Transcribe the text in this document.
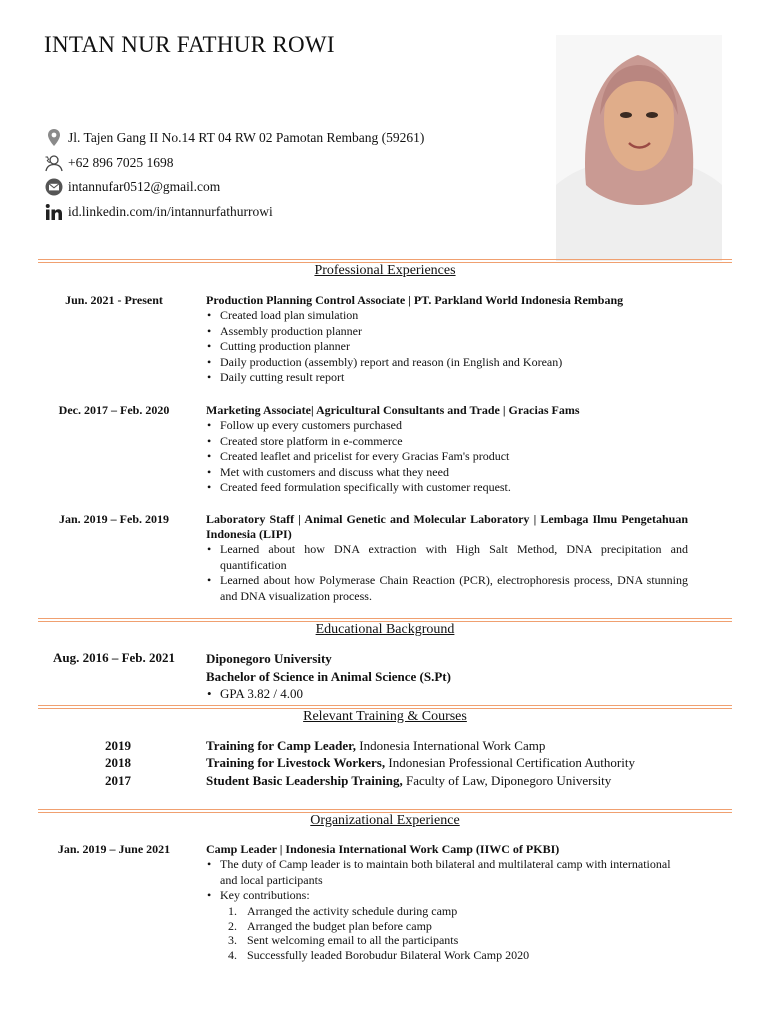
INTAN NUR FATHUR ROWI
Jl. Tajen Gang II No.14 RT 04 RW 02 Pamotan Rembang (59261)
+62 896 7025 1698
intannufar0512@gmail.com
id.linkedin.com/in/intannurfathurrowi
Professional Experiences
Jun. 2021 - Present	Production Planning Control Associate | PT. Parkland World Indonesia Rembang
• Created load plan simulation
• Assembly production planner
• Cutting production planner
• Daily production (assembly) report and reason (in English and Korean)
• Daily cutting result report
Dec. 2017 – Feb. 2020	Marketing Associate| Agricultural Consultants and Trade | Gracias Fams
• Follow up every customers purchased
• Created store platform in e-commerce
• Created leaflet and pricelist for every Gracias Fam's product
• Met with customers and discuss what they need
• Created feed formulation specifically with customer request.
Jan. 2019 – Feb. 2019	Laboratory Staff | Animal Genetic and Molecular Laboratory | Lembaga Ilmu Pengetahuan Indonesia (LIPI)
• Learned about how DNA extraction with High Salt Method, DNA precipitation and quantification
• Learned about how Polymerase Chain Reaction (PCR), electrophoresis process, DNA stunning and DNA visualization process.
Educational Background
Aug. 2016 – Feb. 2021	Diponegoro University
Bachelor of Science in Animal Science (S.Pt)
• GPA 3.82 / 4.00
Relevant Training & Courses
2019	Training for Camp Leader, Indonesia International Work Camp
2018	Training for Livestock Workers, Indonesian Professional Certification Authority
2017	Student Basic Leadership Training, Faculty of Law, Diponegoro University
Organizational Experience
Jan. 2019 – June 2021	Camp Leader | Indonesia International Work Camp (IIWC of PKBI)
• The duty of Camp leader is to maintain both bilateral and multilateral camp with international and local participants
• Key contributions:
1. Arranged the activity schedule during camp
2. Arranged the budget plan before camp
3. Sent welcoming email to all the participants
4. Successfully leaded Borobudur Bilateral Work Camp 2020
